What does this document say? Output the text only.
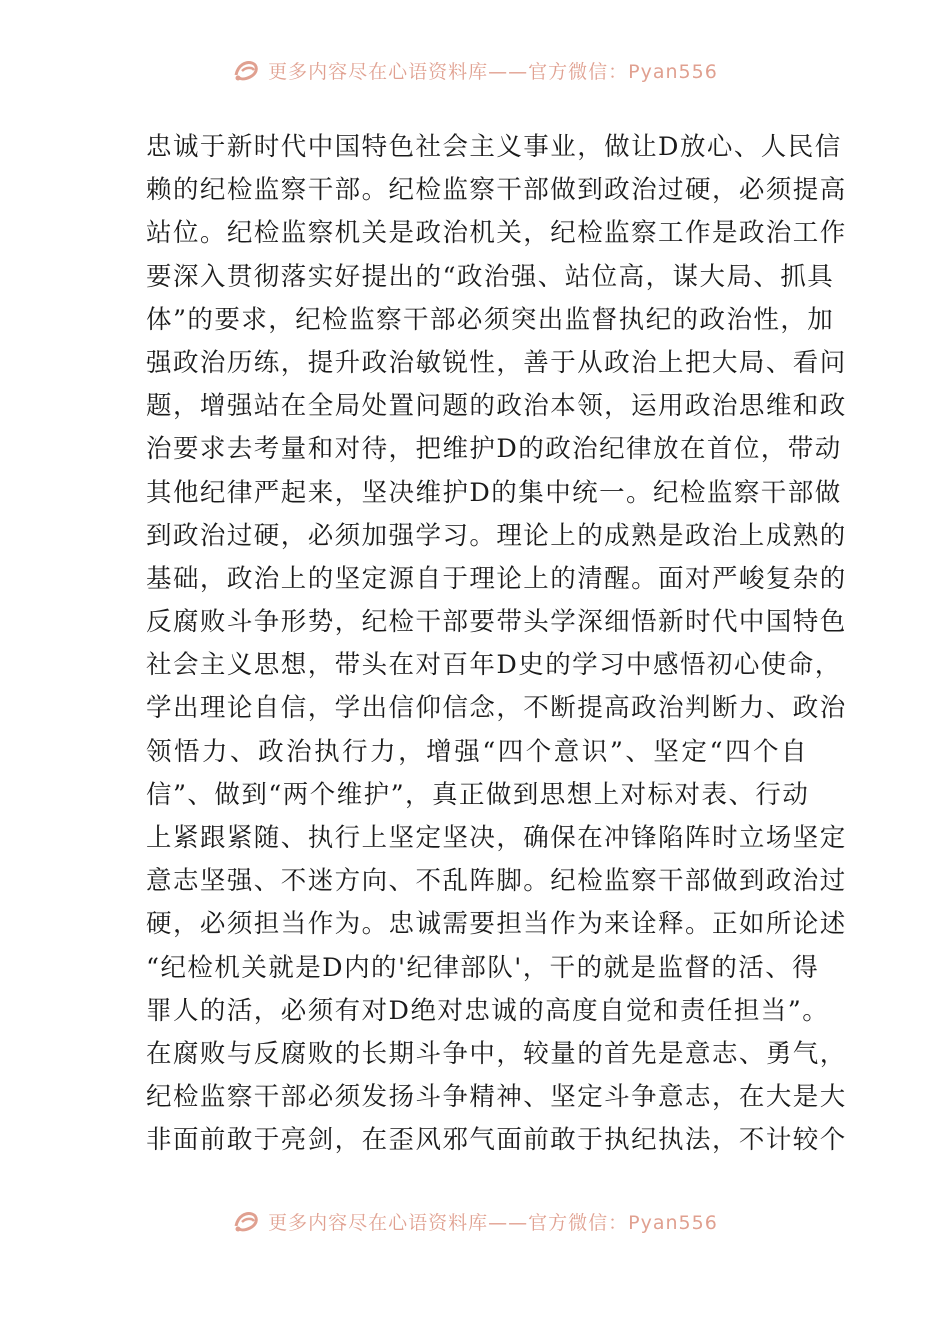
更多内容尽在心语资料库——官方微信：Pyan556
忠诚于新时代中国特色社会主义事业，做让D放心、人民信
赖的纪检监察干部。纪检监察干部做到政治过硬，必须提高
站位。纪检监察机关是政治机关，纪检监察工作是政治工作
要深入贯彻落实好提出的“政治强、站位高，谋大局、抓具
体”的要求，纪检监察干部必须突出监督执纪的政治性，加
强政治历练，提升政治敏锐性，善于从政治上把大局、看问
题，增强站在全局处置问题的政治本领，运用政治思维和政
治要求去考量和对待，把维护D的政治纪律放在首位，带动
其他纪律严起来，坚决维护D的集中统一。纪检监察干部做
到政治过硬，必须加强学习。理论上的成熟是政治上成熟的
基础，政治上的坚定源自于理论上的清醒。面对严峻复杂的
反腐败斗争形势，纪检干部要带头学深细悟新时代中国特色
社会主义思想，带头在对百年D史的学习中感悟初心使命，
学出理论自信，学出信仰信念，不断提高政治判断力、政治
领悟力、政治执行力，增强“四个意识”、坚定“四个自
信”、做到“两个维护”，真正做到思想上对标对表、行动
上紧跟紧随、执行上坚定坚决，确保在冲锋陷阵时立场坚定
意志坚强、不迷方向、不乱阵脚。纪检监察干部做到政治过
硬，必须担当作为。忠诚需要担当作为来诠释。正如所论述
“纪检机关就是D内的'纪律部队'，干的就是监督的活、得
罪人的活，必须有对D绝对忠诚的高度自觉和责任担当”。
在腐败与反腐败的长期斗争中，较量的首先是意志、勇气，
纪检监察干部必须发扬斗争精神、坚定斗争意志，在大是大
非面前敢于亮剑，在歪风邪气面前敢于执纪执法，不计较个
更多内容尽在心语资料库——官方微信：Pyan556
